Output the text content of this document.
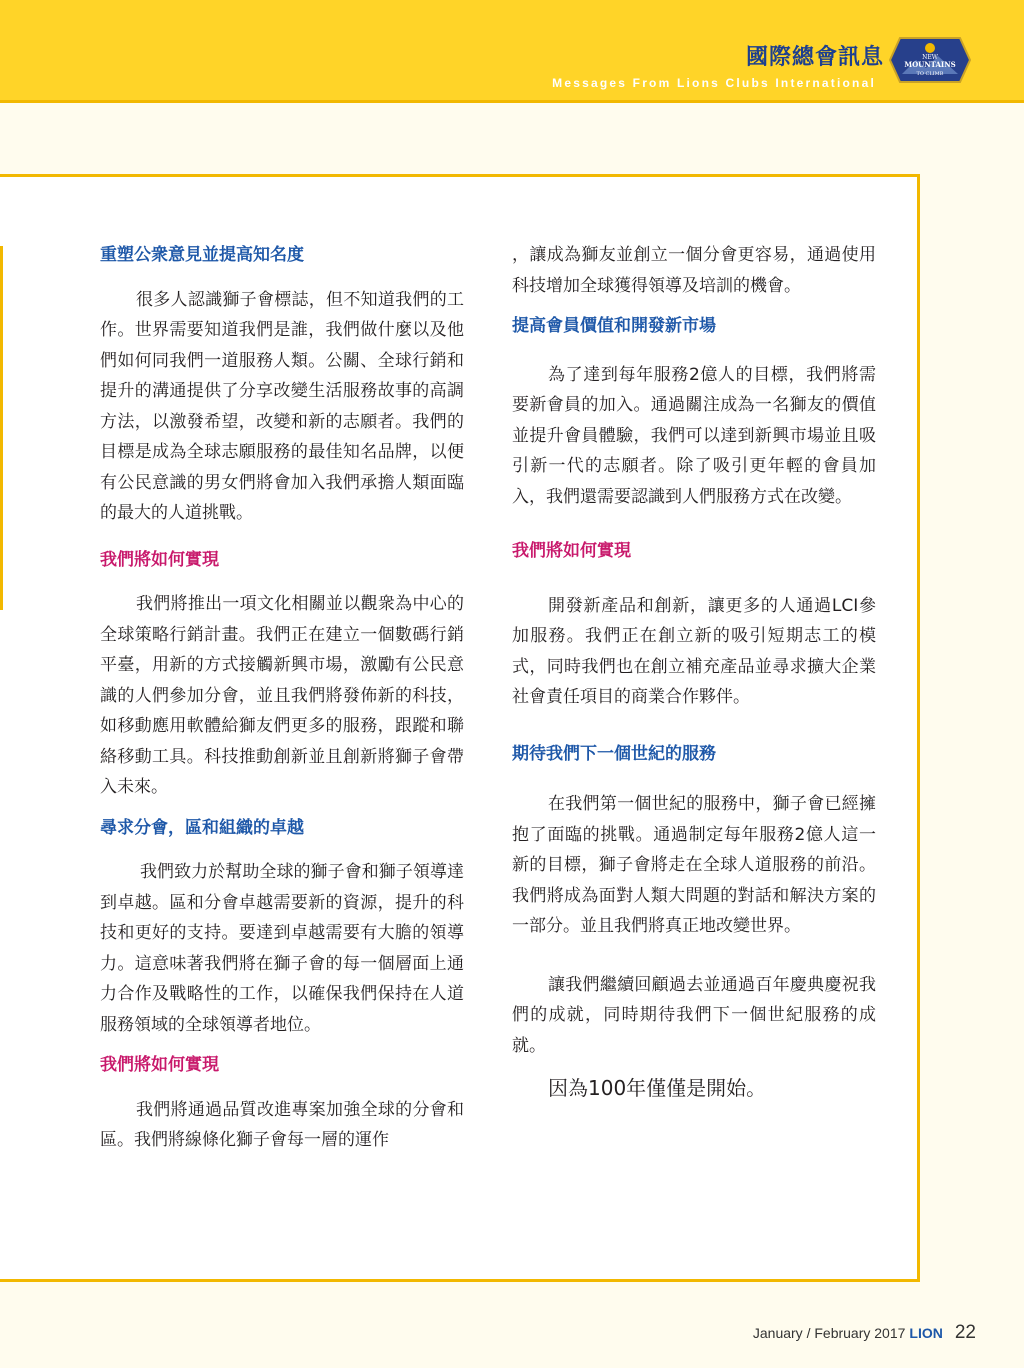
國際總會訊息
Messages From Lions Clubs International
NEW
MOUNTAINS
TO CLIMB
重塑公衆意見並提高知名度

很多人認識獅子會標誌，但不知道我們的工作。世界需要知道我們是誰，我們做什麼以及他們如何同我們一道服務人類。公關、全球行銷和提升的溝通提供了分享改變生活服務故事的高調方法，以激發希望，改變和新的志願者。我們的目標是成為全球志願服務的最佳知名品牌，以便有公民意識的男女們將會加入我們承擔人類面臨的最大的人道挑戰。

我們將如何實現

我們將推出一項文化相關並以觀衆為中心的全球策略行銷計畫。我們正在建立一個數碼行銷平臺，用新的方式接觸新興市場，激勵有公民意識的人們參加分會，並且我們將發佈新的科技，如移動應用軟體給獅友們更多的服務，跟蹤和聯絡移動工具。科技推動創新並且創新將獅子會帶入未來。

尋求分會，區和組織的卓越

我們致力於幫助全球的獅子會和獅子領導達到卓越。區和分會卓越需要新的資源，提升的科技和更好的支持。要達到卓越需要有大膽的領導力。這意味著我們將在獅子會的每一個層面上通力合作及戰略性的工作，以確保我們保持在人道服務領域的全球領導者地位。

我們將如何實現

我們將通過品質改進專案加強全球的分會和區。我們將線條化獅子會每一層的運作

，讓成為獅友並創立一個分會更容易，通過使用科技增加全球獲得領導及培訓的機會。

提高會員價值和開發新市場

為了達到每年服務2億人的目標，我們將需要新會員的加入。通過關注成為一名獅友的價值並提升會員體驗，我們可以達到新興市場並且吸引新一代的志願者。除了吸引更年輕的會員加入，我們還需要認識到人們服務方式在改變。

我們將如何實現

開發新產品和創新，讓更多的人通過LCI參加服務。我們正在創立新的吸引短期志工的模式，同時我們也在創立補充產品並尋求擴大企業社會責任項目的商業合作夥伴。

期待我們下一個世紀的服務

在我們第一個世紀的服務中，獅子會已經擁抱了面臨的挑戰。通過制定每年服務2億人這一新的目標，獅子會將走在全球人道服務的前沿。我們將成為面對人類大問題的對話和解決方案的一部分。並且我們將真正地改變世界。

讓我們繼續回顧過去並通過百年慶典慶祝我們的成就，同時期待我們下一個世紀服務的成就。

因為100年僅僅是開始。

January / February 2017 LION 22
